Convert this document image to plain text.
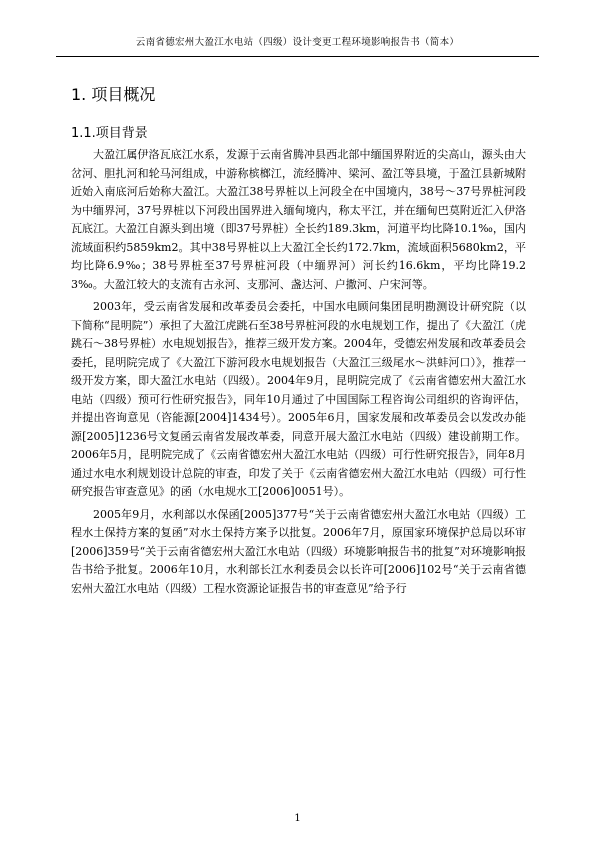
云南省德宏州大盈江水电站（四级）设计变更工程环境影响报告书（简本）
1. 项目概况
1.1.项目背景

大盈江属伊洛瓦底江水系，发源于云南省腾冲县西北部中缅国界附近的尖高山，源头由大岔河、胆扎河和轮马河组成，中游称槟榔江，流经腾冲、梁河、盈江等县境，于盈江县新城附近始入南底河后始称大盈江。大盈江38号界桩以上河段全在中国境内，38号～37号界桩河段为中缅界河，37号界桩以下河段出国界进入缅甸境内，称太平江，并在缅甸巴莫附近汇入伊洛瓦底江。大盈江自源头到出境（即37号界桩）全长约189.3km，河道平均比降10.1‰，国内流域面积约5859km2。其中38号界桩以上大盈江全长约172.7km，流域面积5680km2，平均比降6.9‰；38号界桩至37号界桩河段（中缅界河）河长约16.6km，平均比降19.23‰。大盈江较大的支流有古永河、支那河、盏达河、户撒河、户宋河等。

2003年，受云南省发展和改革委员会委托，中国水电顾问集团昆明勘测设计研究院（以下简称“昆明院”）承担了大盈江虎跳石至38号界桩河段的水电规划工作，提出了《大盈江（虎跳石～38号界桩）水电规划报告》，推荐三级开发方案。2004年，受德宏州发展和改革委员会委托，昆明院完成了《大盈江下游河段水电规划报告（大盈江三级尾水～洪蚌河口）》，推荐一级开发方案，即大盈江水电站（四级）。2004年9月，昆明院完成了《云南省德宏州大盈江水电站（四级）预可行性研究报告》，同年10月通过了中国国际工程咨询公司组织的咨询评估，并提出咨询意见（咨能源[2004]1434号）。2005年6月，国家发展和改革委员会以发改办能源[2005]1236号文复函云南省发展改革委，同意开展大盈江水电站（四级）建设前期工作。2006年5月，昆明院完成了《云南省德宏州大盈江水电站（四级）可行性研究报告》，同年8月通过水电水利规划设计总院的审查，印发了关于《云南省德宏州大盈江水电站（四级）可行性研究报告审查意见》的函（水电规水工[2006]0051号）。

2005年9月，水利部以水保函[2005]377号“关于云南省德宏州大盈江水电站（四级）工程水土保持方案的复函”对水土保持方案予以批复。2006年7月，原国家环境保护总局以环审[2006]359号“关于云南省德宏州大盈江水电站（四级）环境影响报告书的批复”对环境影响报告书给予批复。2006年10月，水利部长江水利委员会以长许可[2006]102号“关于云南省德宏州大盈江水电站（四级）工程水资源论证报告书的审查意见”给予行

1
